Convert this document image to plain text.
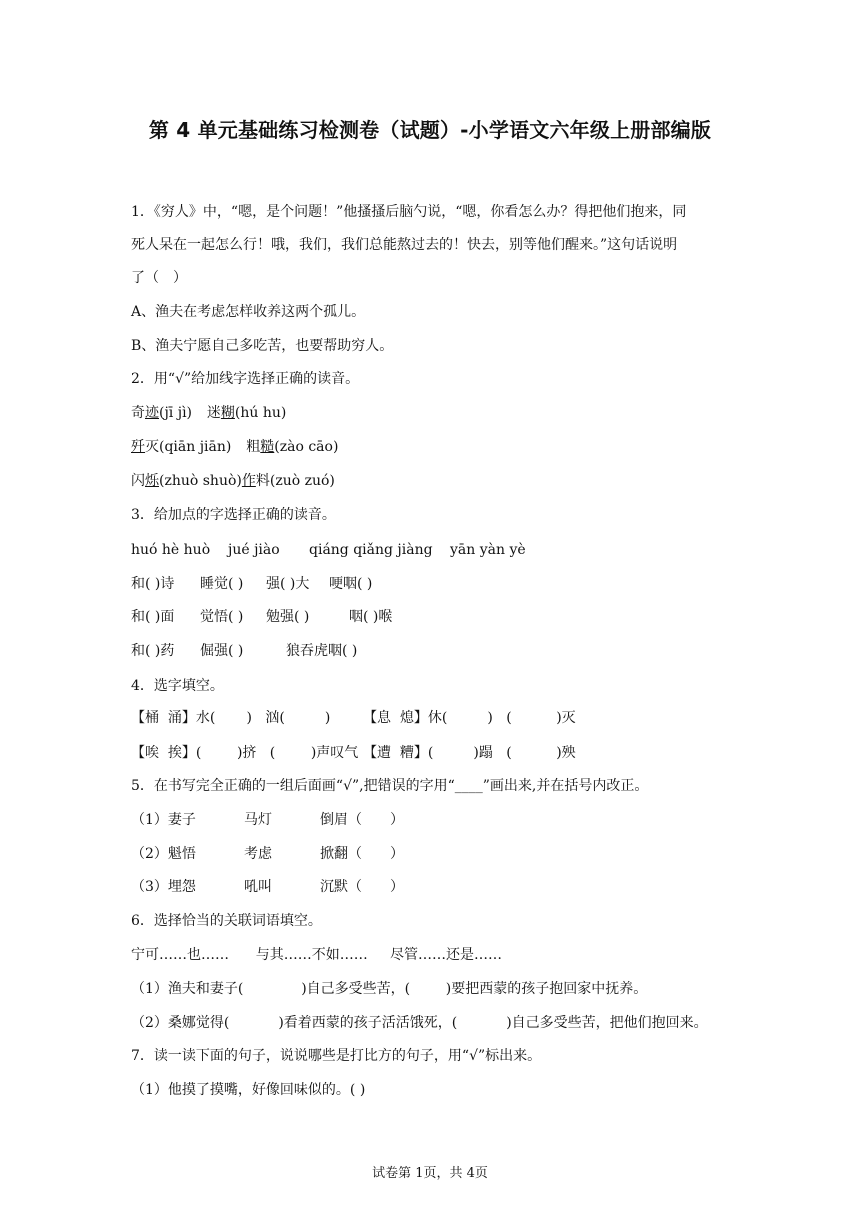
第 4 单元基础练习检测卷（试题）-小学语文六年级上册部编版
1．《穷人》中，“嗯，是个问题！”他搔搔后脑勺说，“嗯，你看怎么办？得把他们抱来，同
死人呆在一起怎么行！哦，我们，我们总能熬过去的！快去，别等他们醒来。”这句话说明
了（　）
A、渔夫在考虑怎样收养这两个孤儿。
B、渔夫宁愿自己多吃苦，也要帮助穷人。
2．用“√”给加线字选择正确的读音。
奇迹(jī jì) 迷糊(hú hu)
歼灭(qiān jiān) 粗糙(zào cāo)
闪烁(zhuò shuò)作料(zuò zuó)
3．给加点的字选择正确的读音。
huó hè huò jué jiào qiáng qiǎng jiàng yān yàn yè
和( )诗 睡觉( ) 强( )大 哽咽( )
和( )面 觉悟( ) 勉强( )	咽( )喉
和( )药 倔强( )	狼吞虎咽( )
4．选字填空。
【桶  涌】水(       )   汹(         ) 【息  熄】休(         )   (          )灭
【唉  挨】(        )挤   (        )声叹气 【遭  糟】(         )蹋   (          )殃
5．在书写完全正确的一组后面画“√”,把错误的字用“____”画出来,并在括号内改正。
（1）妻子	马灯	倒眉（　　）
（2）魁悟	考虑	掀翻（　　）
（3）埋怨	吼叫	沉默（　　）
6．选择恰当的关联词语填空。
宁可……也……      与其……不如……     尽管……还是……
（1）渔夫和妻子(             )自己多受些苦，(        )要把西蒙的孩子抱回家中抚养。
（2）桑娜觉得(           )看着西蒙的孩子活活饿死，(           )自己多受些苦，把他们抱回来。
7．读一读下面的句子，说说哪些是打比方的句子，用“√”标出来。
（1）他摸了摸嘴，好像回味似的。( )
试卷第 1页，共 4页
